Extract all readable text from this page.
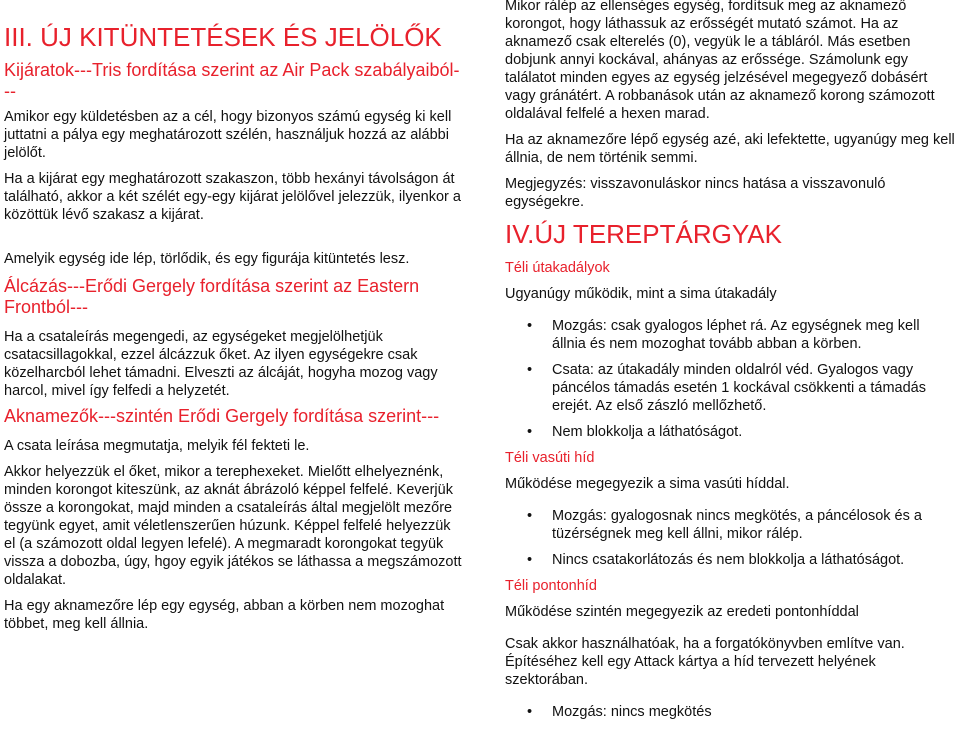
III. ÚJ KITÜNTETÉSEK ÉS JELÖLŐK
Kijáratok---Tris fordítása szerint az Air Pack szabályaiból---

Amikor egy küldetésben az a cél, hogy bizonyos számú egység ki kell juttatni a pálya egy meghatározott szélén, használjuk hozzá az alábbi jelölőt.

Ha a kijárat egy meghatározott szakaszon, több hexányi távolságon át található, akkor a két szélét egy-egy kijárat jelölővel jelezzük, ilyenkor a közöttük lévő szakasz a kijárat.

Amelyik egység ide lép, törlődik, és egy figurája kitüntetés lesz.

Álcázás---Erődi Gergely fordítása szerint az Eastern Frontból---

Ha a csataleírás megengedi, az egységeket megjelölhetjük csatacsillagokkal, ezzel álcázzuk őket. Az ilyen egységekre csak közelharcból lehet támadni. Elveszti az álcáját, hogyha mozog vagy harcol, mivel így felfedi a helyzetét.

Aknamezők---szintén Erődi Gergely fordítása szerint---

A csata leírása megmutatja, melyik fél fekteti le.

Akkor helyezzük el őket, mikor a terephexeket. Mielőtt elhelyeznénk, minden korongot kiteszünk, az aknát ábrázoló képpel felfelé. Keverjük össze a korongokat, majd minden a csataleírás által megjelölt mezőre tegyünk egyet, amit véletlenszerűen húzunk. Képpel felfelé helyezzük el (a számozott oldal legyen lefelé). A megmaradt korongokat tegyük vissza a dobozba, úgy, hgoy egyik játékos se láthassa a megszámozott oldalakat.

Ha egy aknamezőre lép egy egység, abban a körben nem mozoghat többet, meg kell állnia.

Mikor rálép az ellenséges egység, fordítsuk meg az aknamező korongot, hogy láthassuk az erősségét mutató számot. Ha az aknamező csak elterelés (0), vegyük le a tábláról. Más esetben dobjunk annyi kockával, ahányas az erőssége. Számolunk egy találatot minden egyes az egység jelzésével megegyező dobásért vagy gránátért. A robbanások után az aknamező korong számozott oldalával felfelé a hexen marad.

Ha az aknamezőre lépő egység azé, aki lefektette, ugyanúgy meg kell állnia, de nem történik semmi.

Megjegyzés: visszavonuláskor nincs hatása a visszavonuló egységekre.

IV.ÚJ TEREPTÁRGYAK
Téli útakadályok

Ugyanúgy működik, mint a sima útakadály

• Mozgás: csak gyalogos léphet rá. Az egységnek meg kell állnia és nem mozoghat tovább abban a körben.
• Csata: az útakadály minden oldalról véd. Gyalogos vagy páncélos támadás esetén 1 kockával csökkenti a támadás erejét. Az első zászló mellőzhető.
• Nem blokkolja a láthatóságot.
Téli vasúti híd

Működése megegyezik a sima vasúti híddal.

• Mozgás: gyalogosnak nincs megkötés, a páncélosok és a tüzérségnek meg kell állni, mikor rálép.
• Nincs csatakorlátozás és nem blokkolja a láthatóságot.
Téli pontonhíd

Működése szintén megegyezik az eredeti pontonhíddal

Csak akkor használhatóak, ha a forgatókönyvben említve van. Építéséhez kell egy Attack kártya a híd tervezett helyének szektorában.

• Mozgás: nincs megkötés
